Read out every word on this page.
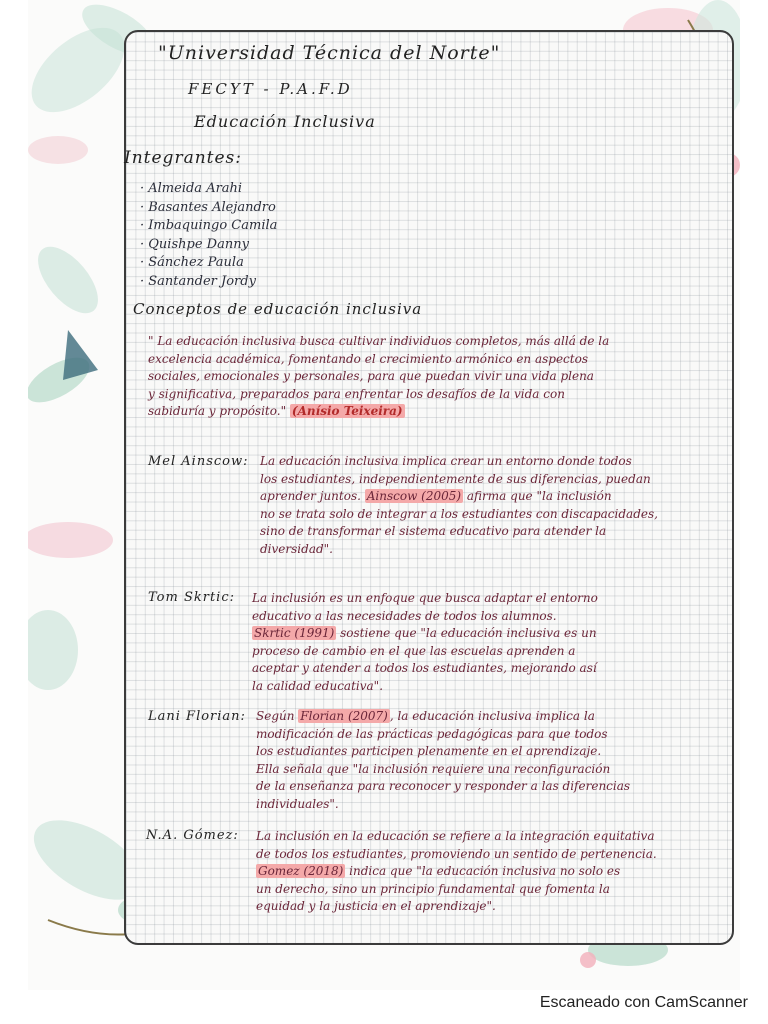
"Universidad Técnica del Norte"
FECYT - P.A.F.D
Educación Inclusiva
Integrantes:
· Almeida Arahi
· Basantes Alejandro
· Imbaquingo Camila
· Quishpe Danny
· Sánchez Paula
· Santander Jordy
Conceptos de educación inclusiva
" La educación inclusiva busca cultivar individuos completos, más allá de la
excelencia académica, fomentando el crecimiento armónico en aspectos
sociales, emocionales y personales, para que puedan vivir una vida plena
y significativa, preparados para enfrentar los desafíos de la vida con
sabiduría y propósito." (Anísio Teixeira)
Mel Ainscow: La educación inclusiva implica crear un entorno donde todos
los estudiantes, independientemente de sus diferencias, puedan
aprender juntos. Ainscow (2005) afirma que "la inclusión
no se trata solo de integrar a los estudiantes con discapacidades,
sino de transformar el sistema educativo para atender la
diversidad".
Tom Skrtic: La inclusión es un enfoque que busca adaptar el entorno
educativo a las necesidades de todos los alumnos.
Skrtic (1991) sostiene que "la educación inclusiva es un
proceso de cambio en el que las escuelas aprenden a
aceptar y atender a todos los estudiantes, mejorando así
la calidad educativa".
Lani Florian: Según Florian (2007) , la educación inclusiva implica la
modificación de las prácticas pedagógicas para que todos
los estudiantes participen plenamente en el aprendizaje.
Ella señala que "la inclusión requiere una reconfiguración
de la enseñanza para reconocer y responder a las diferencias
individuales".
N.A. Gómez: La inclusión en la educación se refiere a la integración equitativa
de todos los estudiantes, promoviendo un sentido de pertenencia.
Gomez (2018) indica que "la educación inclusiva no solo es
un derecho, sino un principio fundamental que fomenta la
equidad y la justicia en el aprendizaje".
Escaneado con CamScanner
